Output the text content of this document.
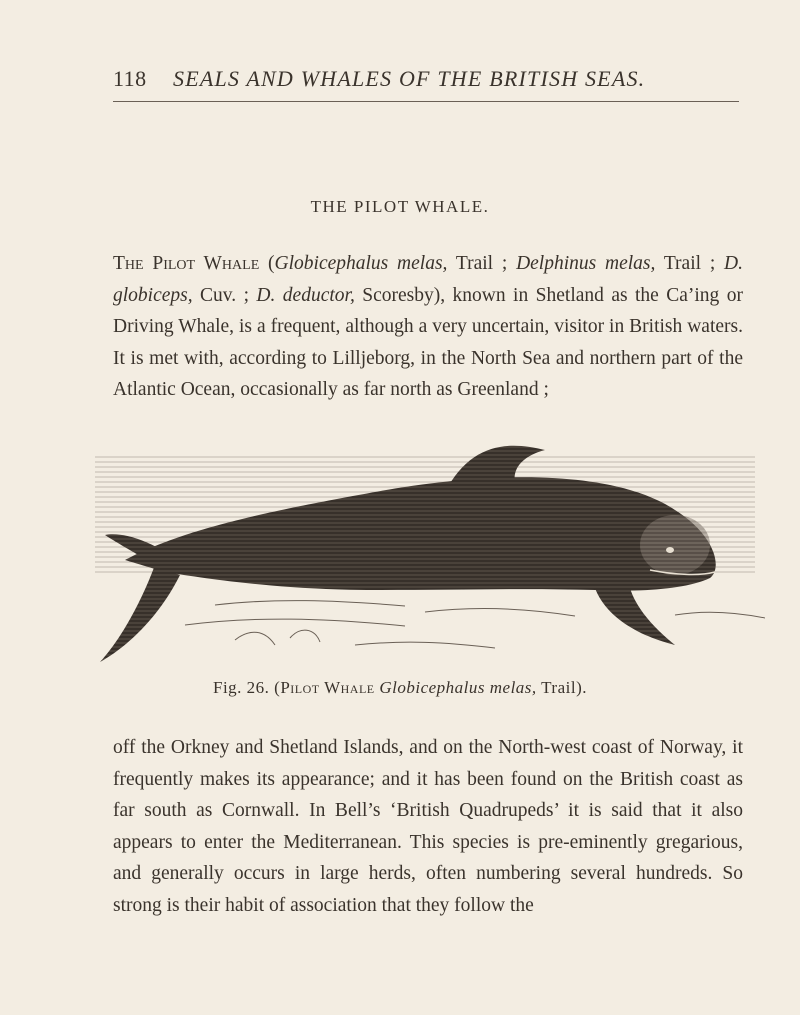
118 SEALS AND WHALES OF THE BRITISH SEAS.
THE PILOT WHALE.
The Pilot Whale (Globicephalus melas, Trail ; Delphinus melas, Trail ; D. globiceps, Cuv. ; D. deductor, Scoresby), known in Shetland as the Ca’ing or Driving Whale, is a frequent, although a very uncertain, visitor in British waters. It is met with, according to Lilljeborg, in the North Sea and northern part of the Atlantic Ocean, occasionally as far north as Greenland ;
Fig. 26. (Pilot Whale Globicephalus melas, Trail).
off the Orkney and Shetland Islands, and on the North-west coast of Norway, it frequently makes its appearance; and it has been found on the British coast as far south as Cornwall. In Bell’s ‘British Quadrupeds’ it is said that it also appears to enter the Mediterranean. This species is pre-eminently gregarious, and generally occurs in large herds, often numbering several hundreds. So strong is their habit of association that they follow the
